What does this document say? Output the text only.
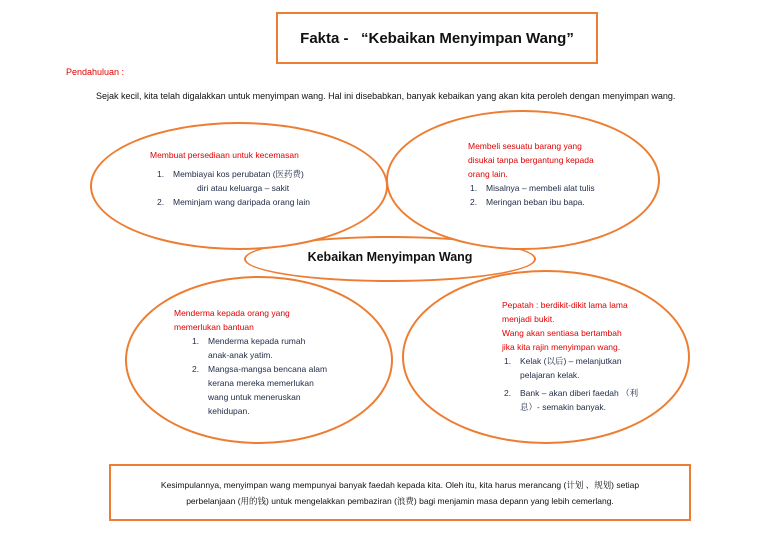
Fakta -   “Kebaikan Menyimpan Wang”
Pendahuluan :
Sejak kecil, kita telah digalakkan untuk menyimpan wang. Hal ini disebabkan, banyak kebaikan yang akan kita peroleh dengan menyimpan wang.
Kebaikan Menyimpan Wang
Membuat persediaan untuk kecemasan
1. Membiayai kos perubatan (医药费)
diri atau keluarga – sakit
2. Meminjam wang daripada orang lain
Membeli sesuatu barang yang
disukai tanpa bergantung kepada
orang lain.
1. Misalnya – membeli alat tulis
2. Meringan beban ibu bapa.
Menderma kepada orang yang
memerlukan bantuan
1. Menderma kepada rumah
anak-anak yatim.
2. Mangsa-mangsa bencana alam
kerana mereka memerlukan
wang untuk meneruskan
kehidupan.
Pepatah : berdikit-dikit lama lama
menjadi bukit.
Wang akan sentiasa bertambah
jika kita rajin menyimpan wang.
1. Kelak (以后) – melanjutkan
pelajaran kelak.
2. Bank – akan diberi faedah （利
息）- semakin banyak.
Kesimpulannya, menyimpan wang mempunyai banyak faedah kepada kita. Oleh itu, kita harus merancang (计划 、规划) setiap
perbelanjaan (用的钱) untuk mengelakkan pembaziran (浪费) bagi menjamin masa depann yang lebih cemerlang.
